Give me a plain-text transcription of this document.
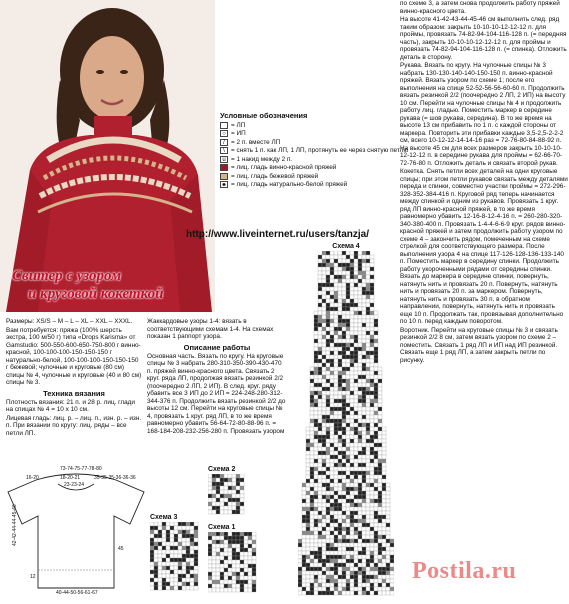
Свитер с узором
и круговой кокеткой
Условные обозначения
= ЛП
○ = ИП
/ = 2 п. вместе ЛП
\ = снять 1 п. как ЛП, 1 ЛП, протянуть ее через снятую петлю
u = 1 накид между 2 п.
= лиц. гладь винно-красной пряжей
= лиц. гладь бежевой пряжей
= лиц. гладь натурально-белой пряжей
http://www.liveinternet.ru/users/tanzja/

Размеры: XS/S – M – L – XL – XXL – XXXL.

Вам потребуется: пряжа (100% шерсть экстра, 100 м/50 г) типа «Drops Karisma» от Gamstudio: 500-550-600-650-750-800 г винно-красной, 100-100-100-150-150-150 г натурально-белой, 100-100-100-150-150-150 г бежевой; чулочные и круговые (80 см) спицы № 4, чулочные и круговые (40 и 80 см) спицы № 3.

Техника вязания

Плотность вязания: 21 п. и 28 р. лиц. глади на спицах № 4 = 10 х 10 см.

Лицевая гладь: лиц. р. – лиц. п., изн. р. – изн. п. При вязании по кругу: лиц. ряды – все петли ЛП.

Жаккардовые узоры 1-4: вязать в соответствующими схемам 1-4. На схемах показан 1 раппорт узора.

Описание работы

Основная часть. Вязать по кругу. На круговые спицы № 3 набрать 280-310-350-390-430-470 п. пряжей винно-красного цвета. Связать 2 круг. ряда ЛП, продолжая вязать резинкой 2/2 (поочередно 2 ЛП, 2 ИП). В след. круг. ряду убавить все 3 ИП до 2 ИП = 224-248-280-312-344-376 п. Продолжить вязать резинкой 2/2 до высоты 12 см. Перейти на круговые спицы № 4, провязать 1 круг. ряд ЛП, в то же время равномерно убавить 56-64-72-80-88-96 п. = 168-184-208-232-256-280 п. Провязать узором

по схеме 3, а затем снова продолжить работу пряжей винно-красного цвета.

На высоте 41-42-43-44-45-46 см выполнить след. ряд таким образом: закрыть 10-10-10-12-12-12 п. для проймы, провязать 74-82-94-104-116-128 п. (= передняя часть), закрыть 10-10-10-12-12-12 п. для проймы и провязать 74-82-94-104-116-128 п. (= спинка). Отложить деталь в сторону.

Рукава. Вязать по кругу. На чулочные спицы № 3 набрать 130-130-140-140-150-150 п. винно-красной пряжей. Вязать узором по схеме 1; после его выполнения на спице 52-52-56-56-60-60 п. Продолжить вязать резинкой 2/2 (поочередно 2 ЛП, 2 ИП) на высоту 10 см. Перейти на чулочные спицы № 4 и продолжить работу лиц. гладью. Поместить маркер в середине рукава (= шов рукава, середина). В то же время на высоте 13 см прибавить по 1 п. с каждой стороны от маркера. Повторить эти прибавки каждые 3,5-2,5-2-2-2 см, всего 10-12-12-14-14-16 раз = 72-76-80-84-88-92 п. На высоте 45 см для всех размеров закрыть 10-10-10-12-12-12 п. в середине рукава для проймы = 62-66-70-72-76-80 п. Отложить деталь и связать второй рукав.

Кокетка. Снять петли всех деталей на одни круговые спицы; при этом петли рукавов связать между деталями переда и спинки, совместно участки проймы = 272-296-328-352-384-416 п. Круговой ряд теперь начинается между спинкой и одним из рукавов. Провязать 1 круг. ряд ЛП винно-красной пряжей, в то же время равномерно убавить 12-16-8-12-4-16 п. = 260-280-320-340-380-400 п. Провязать 1-4-4-6-6-9 круг. рядов винно-красной пряжей и затем продолжить работу узором по схеме 4 – закончить рядом, помеченным на схеме стрелкой для соответствующего размера. После выполнения узора 4 на спице 117-126-128-136-133-140 п. Поместить маркер в середину спинки. Продолжить работу укороченными рядами от середины спинки. Вязать до маркера в середине спинки, повернуть, натянуть нить и провязать 20 п. Повернуть, натянуть нить и провязать 20 п. за маркером. Повернуть, натянуть нить и провязать 30 п. в обратном направлении, повернуть, натянуть нить и провязать еще 10 п. Продолжать так, провязывая дополнительно по 10 п. перед каждым поворотом.

Воротник. Перейти на круговые спицы № 3 и связать резинкой 2/2 8 см, затем вязать узором по схеме 2 – поместить. Связать 1 ряд ЛП и ИП над ИП резинкой. Связать еще 1 ряд ЛП, а затем закрыть петли по рисунку.

Схема 4
Схема 2
Схема 1
Схема 3
73-74-75-77-78-80
16-20	18-20-21
23-23-24
35-35-35-36-36-36
42-42-44-44-45-46
40-44-50-56-61-67
45
12	Postila.ru
